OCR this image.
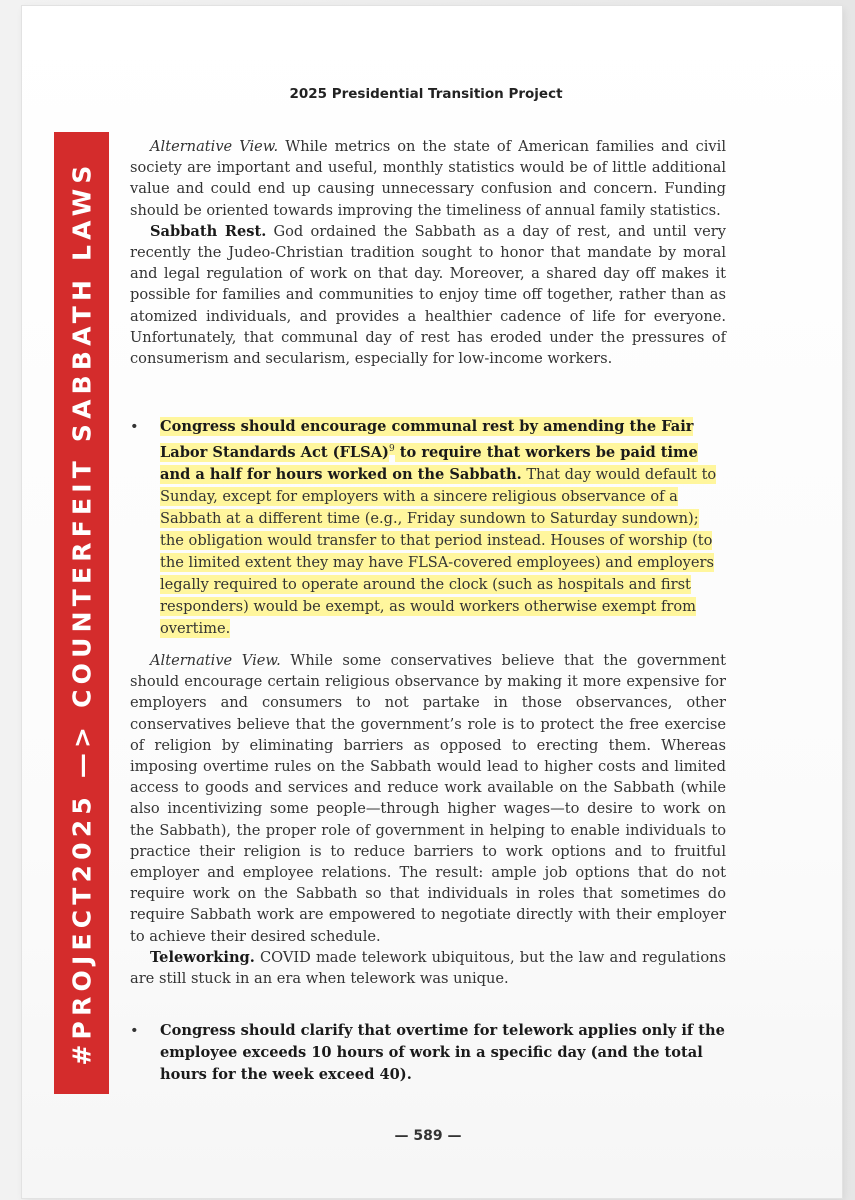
#PROJECT2025 —> COUNTERFEIT SABBATH LAWS
2025 Presidential Transition Project

Alternative View. While metrics on the state of American families and civil society are important and useful, monthly statistics would be of little additional value and could end up causing unnecessary confusion and concern. Funding should be oriented towards improving the timeliness of annual family statistics.

Sabbath Rest. God ordained the Sabbath as a day of rest, and until very recently the Judeo-Christian tradition sought to honor that mandate by moral and legal regulation of work on that day. Moreover, a shared day off makes it possible for families and communities to enjoy time off together, rather than as atomized individuals, and provides a healthier cadence of life for everyone. Unfortunately, that communal day of rest has eroded under the pressures of consumerism and secularism, especially for low-income workers.

• Congress should encourage communal rest by amending the Fair Labor Standards Act (FLSA)$^9$ to require that workers be paid time and a half for hours worked on the Sabbath. That day would default to Sunday, except for employers with a sincere religious observance of a Sabbath at a different time (e.g., Friday sundown to Saturday sundown); the obligation would transfer to that period instead. Houses of worship (to the limited extent they may have FLSA-covered employees) and employers legally required to operate around the clock (such as hospitals and first responders) would be exempt, as would workers otherwise exempt from overtime.

Alternative View. While some conservatives believe that the government should encourage certain religious observance by making it more expensive for employers and consumers to not partake in those observances, other conservatives believe that the government’s role is to protect the free exercise of religion by eliminating barriers as opposed to erecting them. Whereas imposing overtime rules on the Sabbath would lead to higher costs and limited access to goods and services and reduce work available on the Sabbath (while also incentivizing some people—through higher wages—to desire to work on the Sabbath), the proper role of government in helping to enable individuals to practice their religion is to reduce barriers to work options and to fruitful employer and employee relations. The result: ample job options that do not require work on the Sabbath so that individuals in roles that sometimes do require Sabbath work are empowered to negotiate directly with their employer to achieve their desired schedule.

Teleworking. COVID made telework ubiquitous, but the law and regulations are still stuck in an era when telework was unique.

• Congress should clarify that overtime for telework applies only if the employee exceeds 10 hours of work in a specific day (and the total hours for the week exceed 40).
— 589 —
